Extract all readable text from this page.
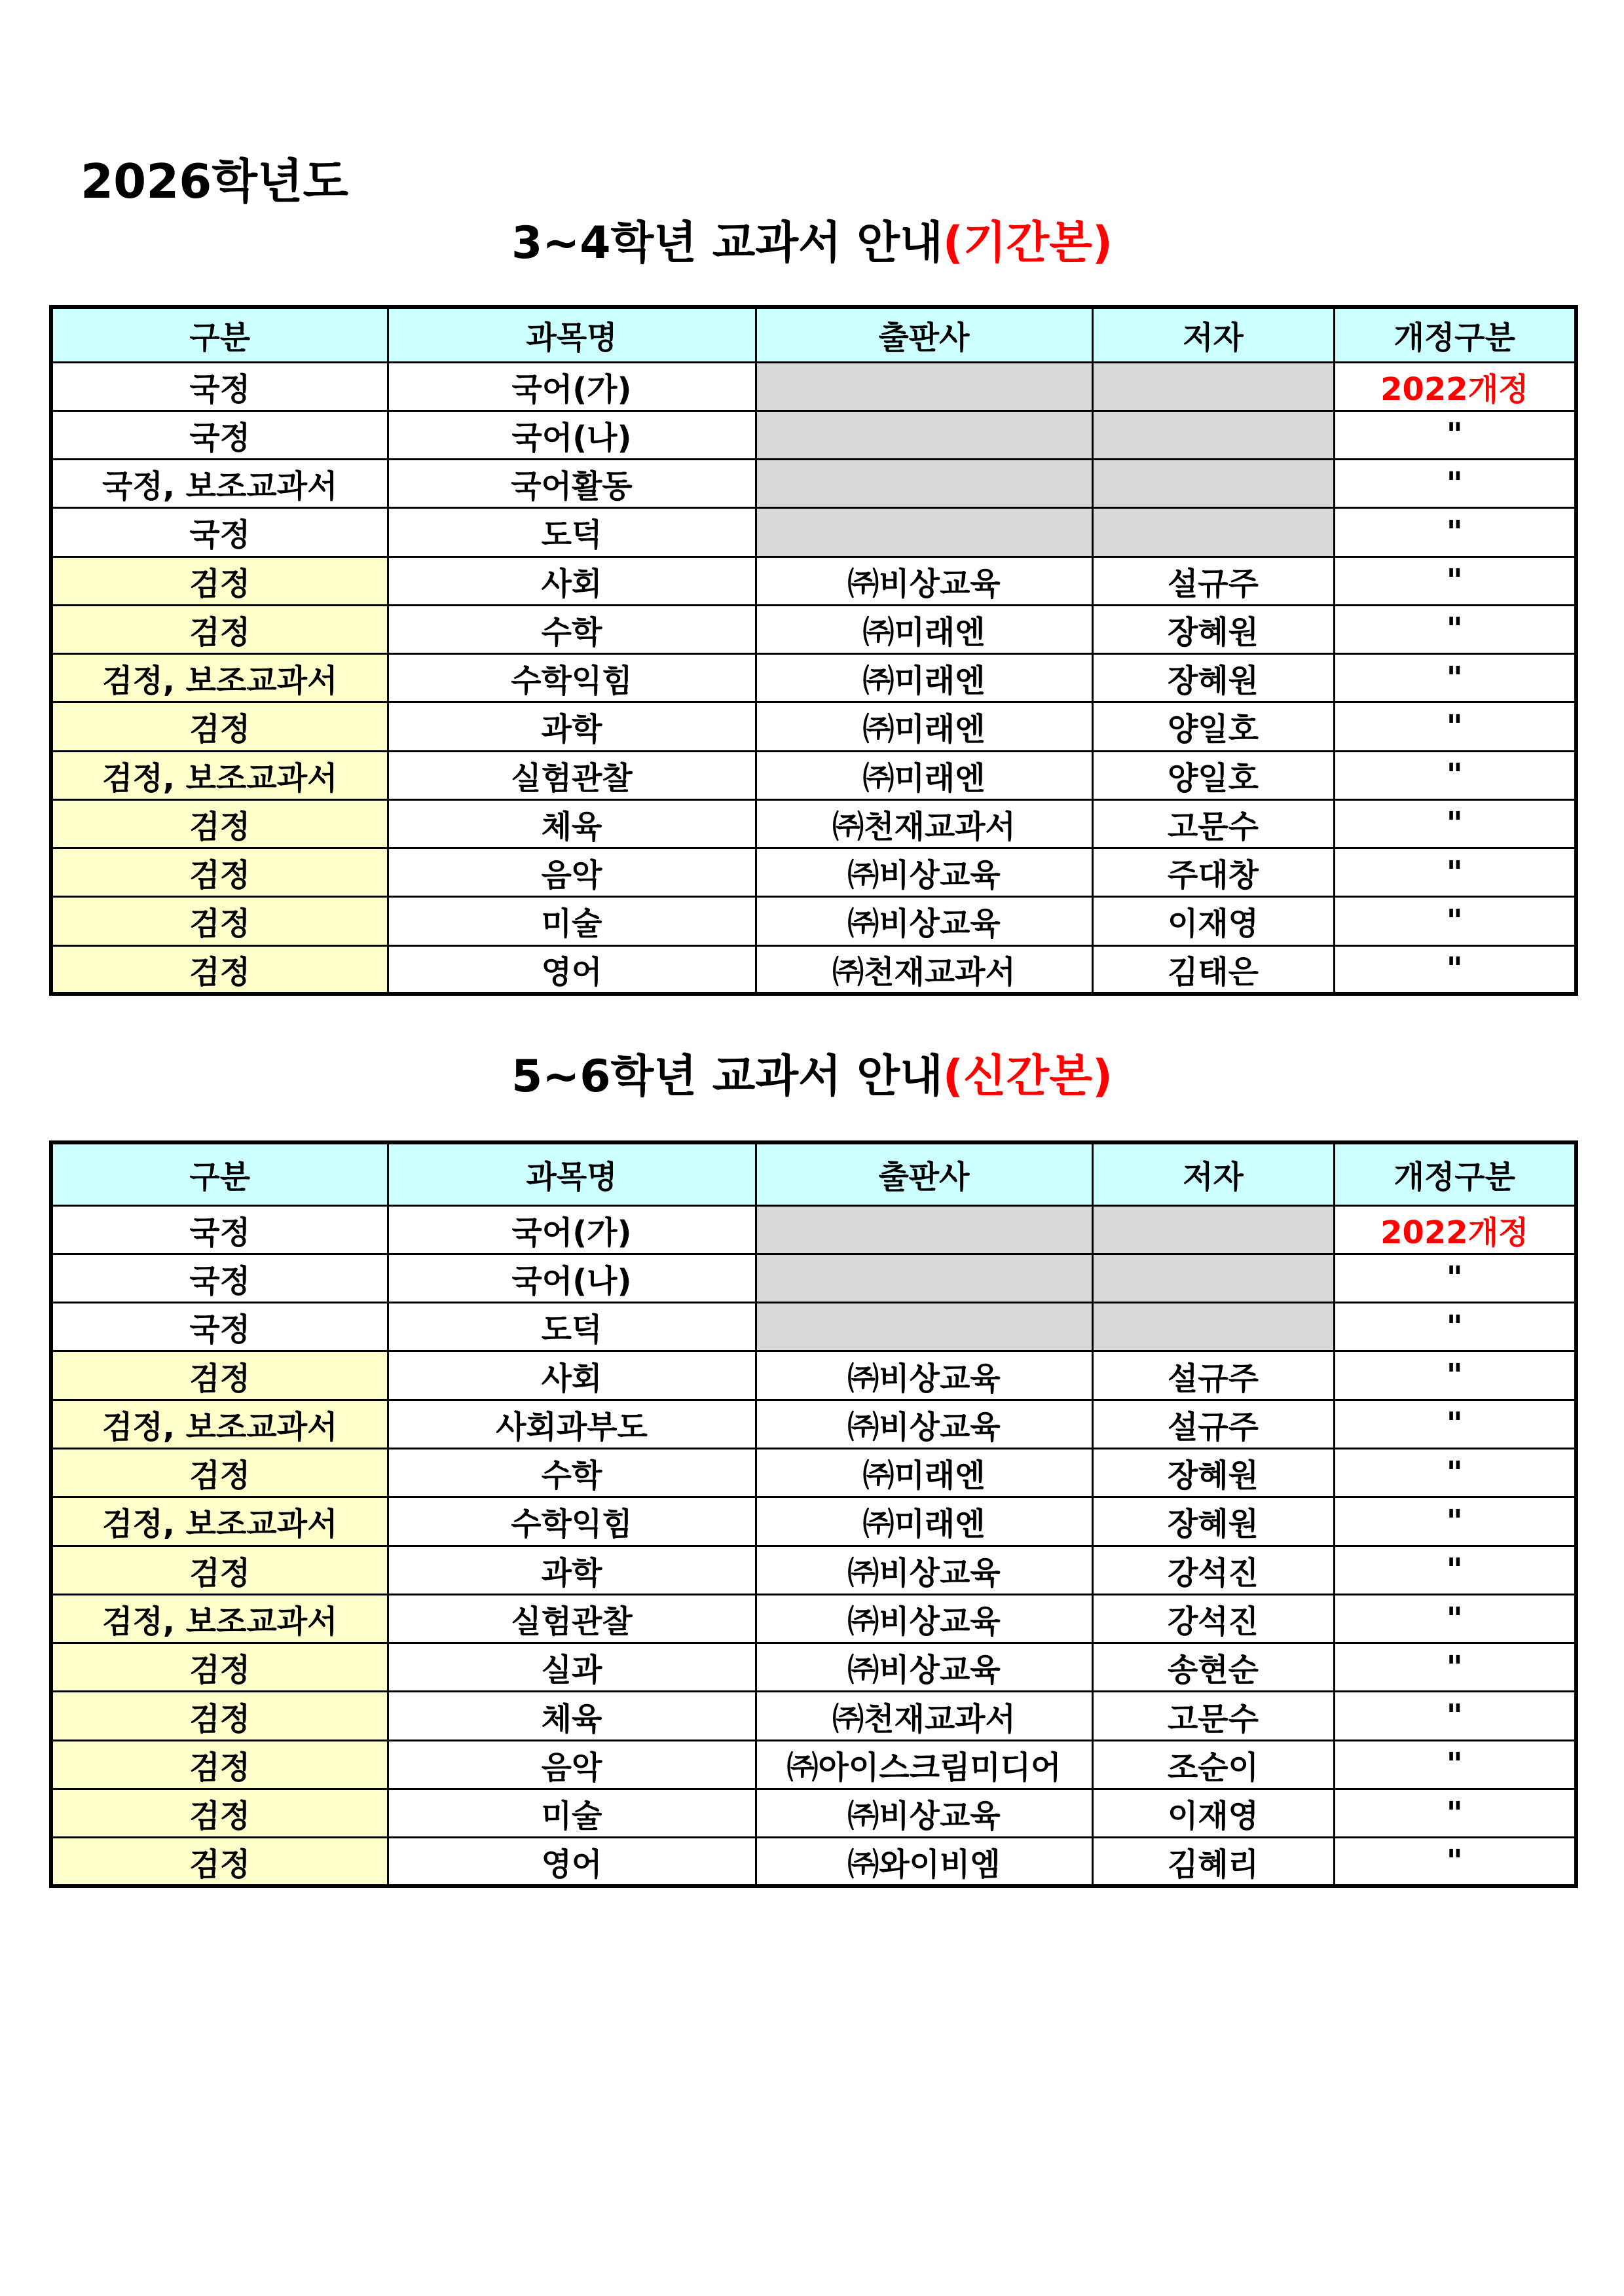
2026학년도
3~4학년 교과서 안내(기간본)
구분	과목명	출판사	저자	개정구분
국정	국어(가)			2022개정
국정	국어(나)			"
국정, 보조교과서	국어활동			"
국정	도덕			"
검정	사회	㈜비상교육	설규주	"
검정	수학	㈜미래엔	장혜원	"
검정, 보조교과서	수학익힘	㈜미래엔	장혜원	"
검정	과학	㈜미래엔	양일호	"
검정, 보조교과서	실험관찰	㈜미래엔	양일호	"
검정	체육	㈜천재교과서	고문수	"
검정	음악	㈜비상교육	주대창	"
검정	미술	㈜비상교육	이재영	"
검정	영어	㈜천재교과서	김태은	"
5~6학년 교과서 안내(신간본)
구분	과목명	출판사	저자	개정구분
국정	국어(가)			2022개정
국정	국어(나)			"
국정	도덕			"
검정	사회	㈜비상교육	설규주	"
검정, 보조교과서	사회과부도	㈜비상교육	설규주	"
검정	수학	㈜미래엔	장혜원	"
검정, 보조교과서	수학익힘	㈜미래엔	장혜원	"
검정	과학	㈜비상교육	강석진	"
검정, 보조교과서	실험관찰	㈜비상교육	강석진	"
검정	실과	㈜비상교육	송현순	"
검정	체육	㈜천재교과서	고문수	"
검정	음악	㈜아이스크림미디어	조순이	"
검정	미술	㈜비상교육	이재영	"
검정	영어	㈜와이비엠	김혜리	"
